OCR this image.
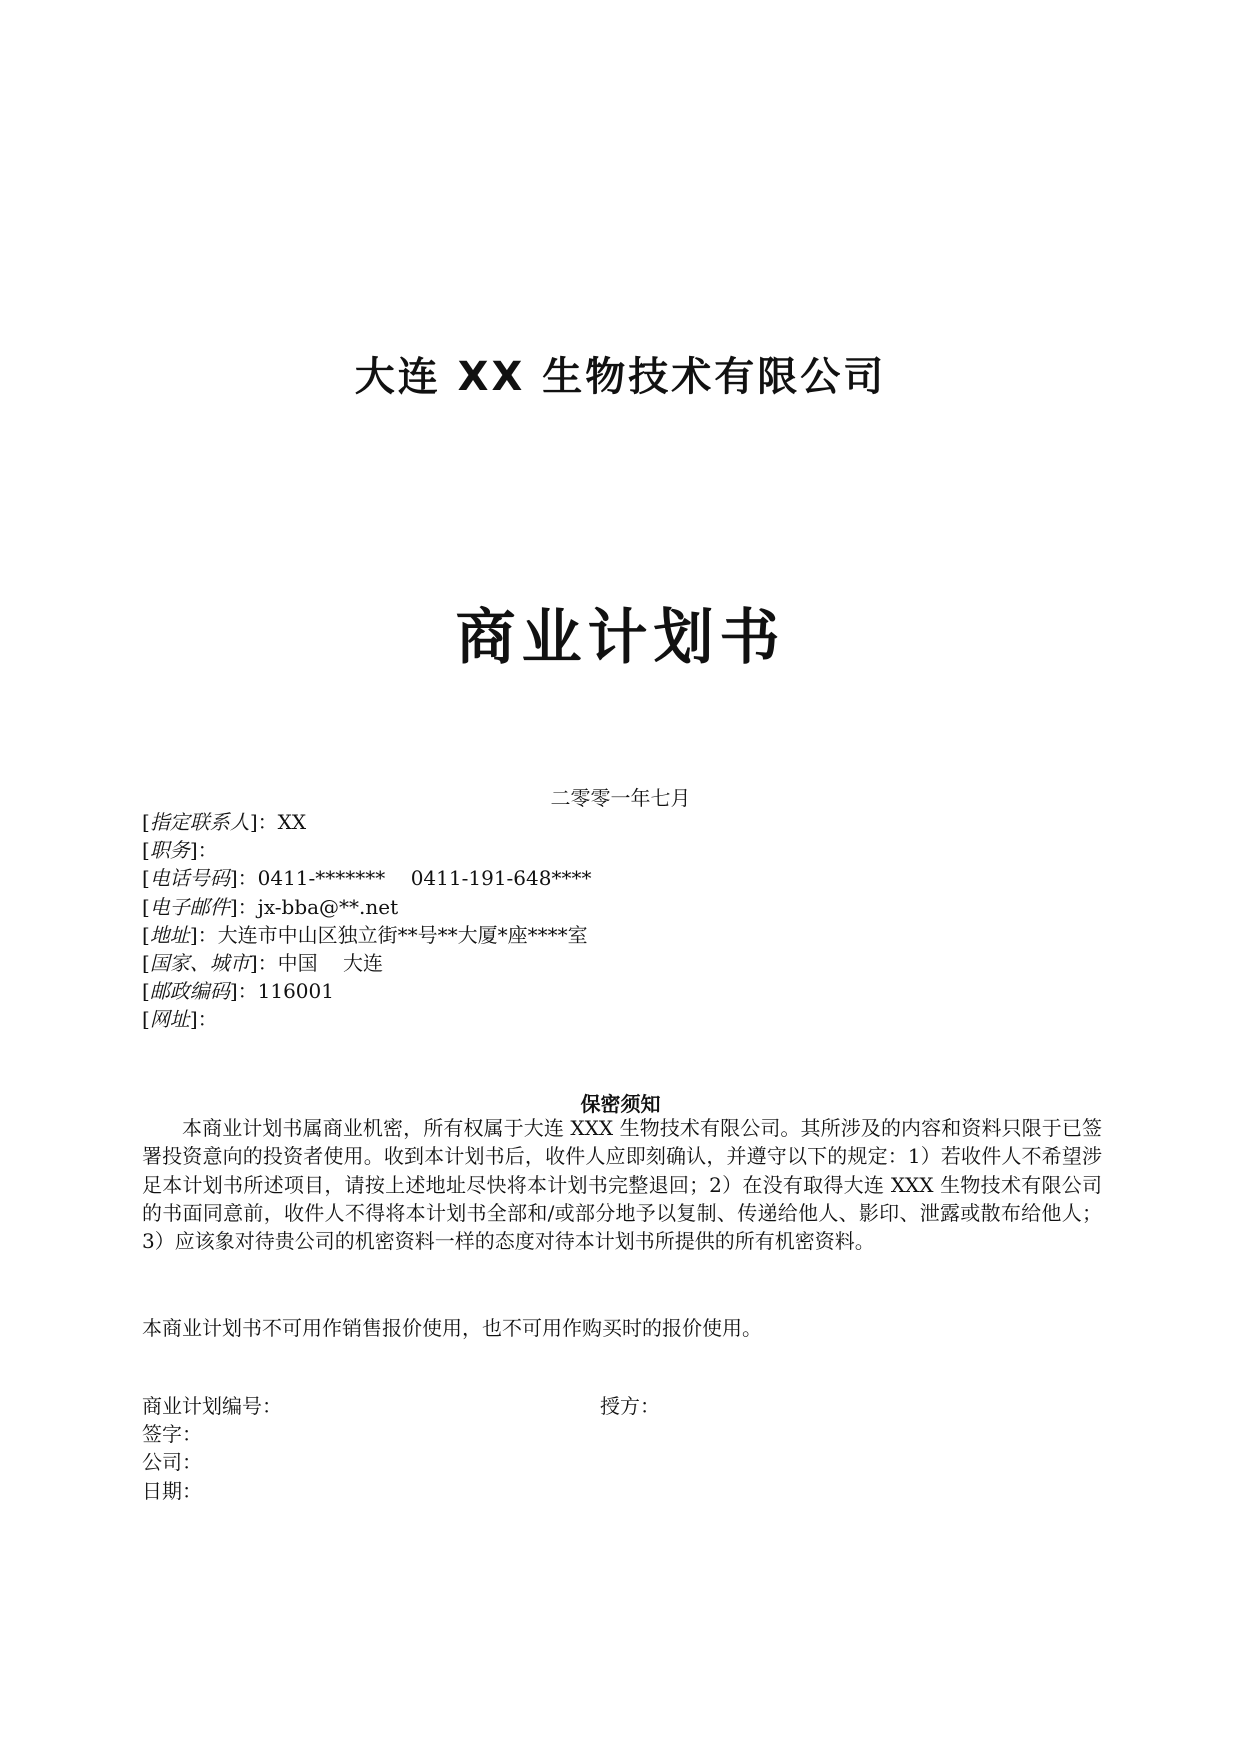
大连 XX 生物技术有限公司
商业计划书
二零零一年七月
[指定联系人]：XX
[职务]：
[电话号码]：0411-*******    0411-191-648****
[电子邮件]：jx-bba@**.net
[地址]：大连市中山区独立街**号**大厦*座****室
[国家、城市]：中国    大连
[邮政编码]：116001
[网址]：
保密须知

本商业计划书属商业机密，所有权属于大连 XXX 生物技术有限公司。其所涉及的内容和资料只限于已签署投资意向的投资者使用。收到本计划书后，收件人应即刻确认，并遵守以下的规定：1）若收件人不希望涉足本计划书所述项目，请按上述地址尽快将本计划书完整退回；2）在没有取得大连 XXX 生物技术有限公司的书面同意前，收件人不得将本计划书全部和/或部分地予以复制、传递给他人、影印、泄露或散布给他人；3）应该象对待贵公司的机密资料一样的态度对待本计划书所提供的所有机密资料。

本商业计划书不可用作销售报价使用，也不可用作购买时的报价使用。

商业计划编号：	授方：
签字：
公司：
日期：
